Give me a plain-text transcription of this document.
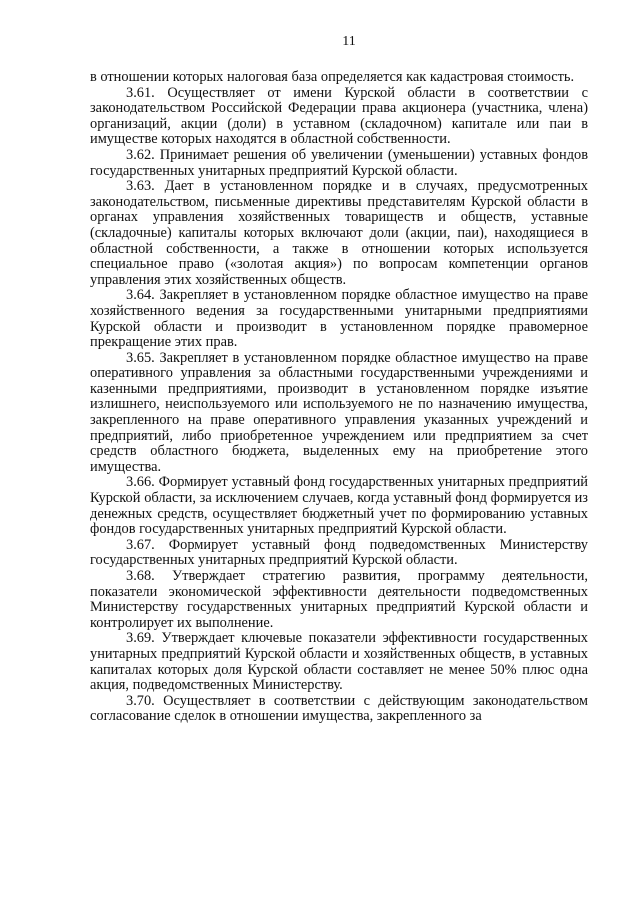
11

в отношении которых налоговая база определяется как кадастровая стоимость.

3.61. Осуществляет от имени Курской области в соответствии с законодательством Российской Федерации права акционера (участника, члена) организаций, акции (доли) в уставном (складочном) капитале или паи в имуществе которых находятся в областной собственности.

3.62. Принимает решения об увеличении (уменьшении) уставных фондов государственных унитарных предприятий Курской области.

3.63. Дает в установленном порядке и в случаях, предусмотренных законодательством, письменные директивы представителям Курской области в органах управления хозяйственных товариществ и обществ, уставные (складочные) капиталы которых включают доли (акции, паи), находящиеся в областной собственности, а также в отношении которых используется специальное право («золотая акция») по вопросам компетенции органов управления этих хозяйственных обществ.

3.64. Закрепляет в установленном порядке областное имущество на праве хозяйственного ведения за государственными унитарными предприятиями Курской области и производит в установленном порядке правомерное прекращение этих прав.

3.65. Закрепляет в установленном порядке областное имущество на праве оперативного управления за областными государственными учреждениями и казенными предприятиями, производит в установленном порядке изъятие излишнего, неиспользуемого или используемого не по назначению имущества, закрепленного на праве оперативного управления указанных учреждений и предприятий, либо приобретенное учреждением или предприятием за счет средств областного бюджета, выделенных ему на приобретение этого имущества.

3.66. Формирует уставный фонд государственных унитарных предприятий Курской области, за исключением случаев, когда уставный фонд формируется из денежных средств, осуществляет бюджетный учет по формированию уставных фондов государственных унитарных предприятий Курской области.

3.67. Формирует уставный фонд подведомственных Министерству государственных унитарных предприятий Курской области.

3.68. Утверждает стратегию развития, программу деятельности, показатели экономической эффективности деятельности подведомственных Министерству государственных унитарных предприятий Курской области и контролирует их выполнение.

3.69. Утверждает ключевые показатели эффективности государственных унитарных предприятий Курской области и хозяйственных обществ, в уставных капиталах которых доля Курской области составляет не менее 50% плюс одна акция, подведомственных Министерству.

3.70. Осуществляет в соответствии с действующим законодательством согласование сделок в отношении имущества, закрепленного за
